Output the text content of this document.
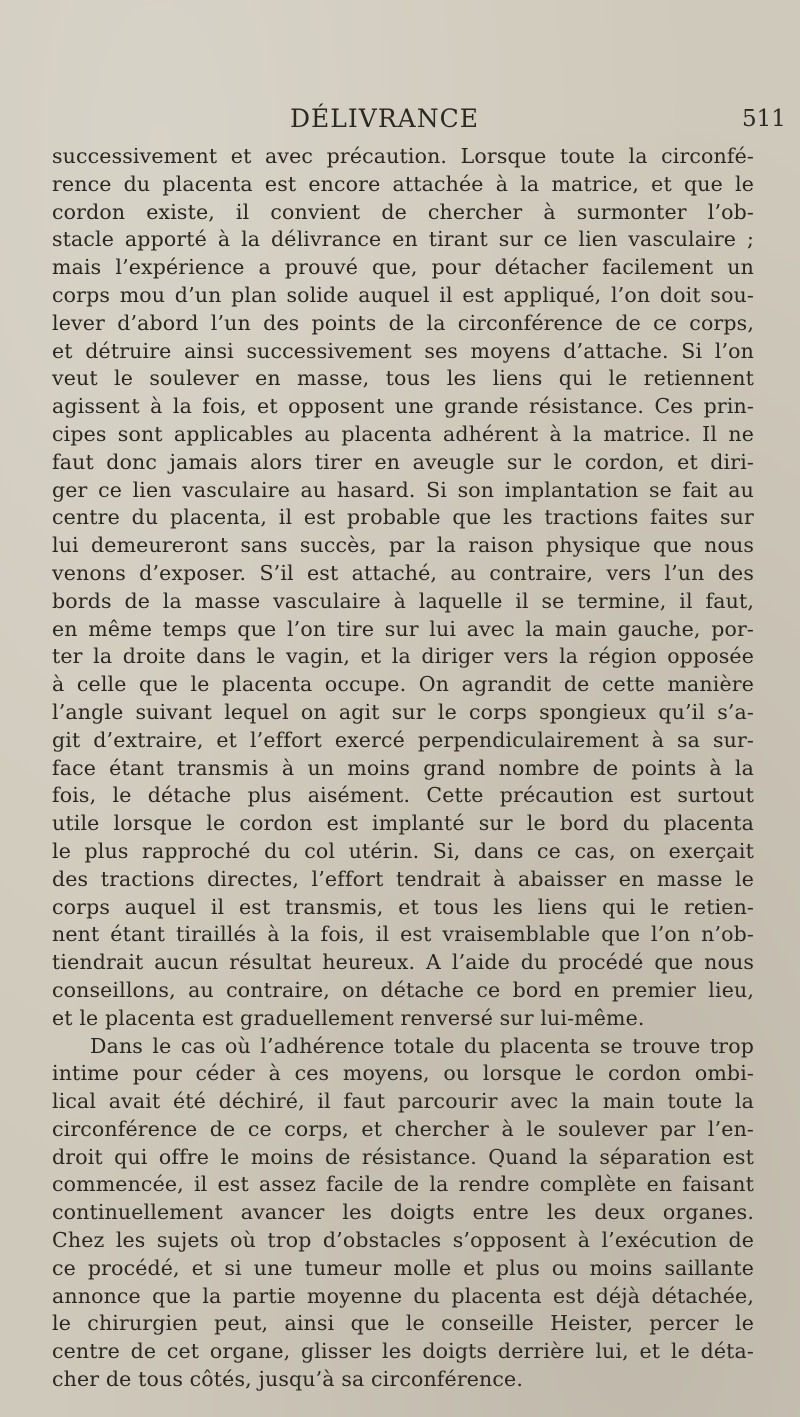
DÉLIVRANCE	511
successivement et avec précaution. Lorsque toute la circonfé-
rence du placenta est encore attachée à la matrice, et que le
cordon existe, il convient de chercher à surmonter l’ob-
stacle apporté à la délivrance en tirant sur ce lien vasculaire ;
mais l’expérience a prouvé que, pour détacher facilement un
corps mou d’un plan solide auquel il est appliqué, l’on doit sou-
lever d’abord l’un des points de la circonférence de ce corps,
et détruire ainsi successivement ses moyens d’attache. Si l’on
veut le soulever en masse, tous les liens qui le retiennent
agissent à la fois, et opposent une grande résistance. Ces prin-
cipes sont applicables au placenta adhérent à la matrice. Il ne
faut donc jamais alors tirer en aveugle sur le cordon, et diri-
ger ce lien vasculaire au hasard. Si son implantation se fait au
centre du placenta, il est probable que les tractions faites sur
lui demeureront sans succès, par la raison physique que nous
venons d’exposer. S’il est attaché, au contraire, vers l’un des
bords de la masse vasculaire à laquelle il se termine, il faut,
en même temps que l’on tire sur lui avec la main gauche, por-
ter la droite dans le vagin, et la diriger vers la région opposée
à celle que le placenta occupe. On agrandit de cette manière
l’angle suivant lequel on agit sur le corps spongieux qu’il s’a-
git d’extraire, et l’effort exercé perpendiculairement à sa sur-
face étant transmis à un moins grand nombre de points à la
fois, le détache plus aisément. Cette précaution est surtout
utile lorsque le cordon est implanté sur le bord du placenta
le plus rapproché du col utérin. Si, dans ce cas, on exerçait
des tractions directes, l’effort tendrait à abaisser en masse le
corps auquel il est transmis, et tous les liens qui le retien-
nent étant tiraillés à la fois, il est vraisemblable que l’on n’ob-
tiendrait aucun résultat heureux. A l’aide du procédé que nous
conseillons, au contraire, on détache ce bord en premier lieu,
et le placenta est graduellement renversé sur lui-même.
Dans le cas où l’adhérence totale du placenta se trouve trop
intime pour céder à ces moyens, ou lorsque le cordon ombi-
lical avait été déchiré, il faut parcourir avec la main toute la
circonférence de ce corps, et chercher à le soulever par l’en-
droit qui offre le moins de résistance. Quand la séparation est
commencée, il est assez facile de la rendre complète en faisant
continuellement avancer les doigts entre les deux organes.
Chez les sujets où trop d’obstacles s’opposent à l’exécution de
ce procédé, et si une tumeur molle et plus ou moins saillante
annonce que la partie moyenne du placenta est déjà détachée,
le chirurgien peut, ainsi que le conseille Heister, percer le
centre de cet organe, glisser les doigts derrière lui, et le déta-
cher de tous côtés, jusqu’à sa circonférence.
